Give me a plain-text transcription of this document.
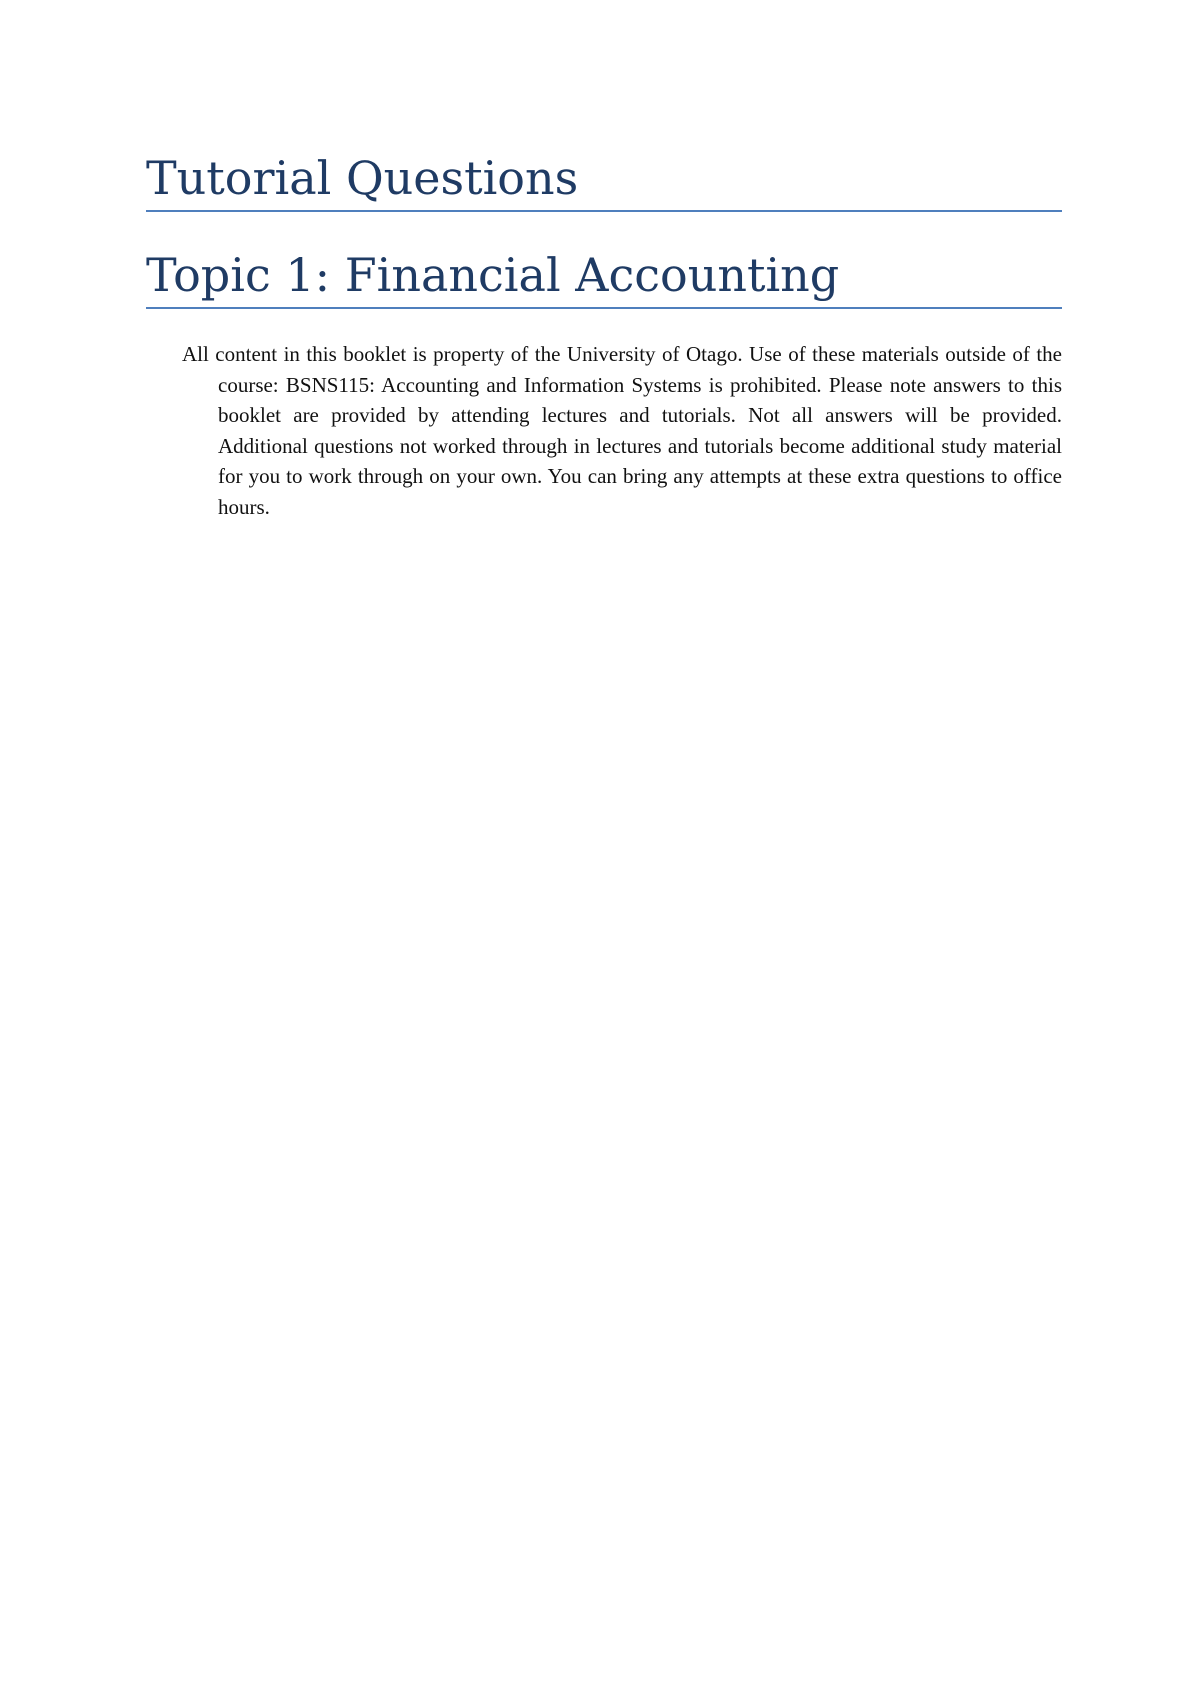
Tutorial Questions
Topic 1: Financial Accounting

All content in this booklet is property of the University of Otago. Use of these materials outside of the course: BSNS115: Accounting and Information Systems is prohibited. Please note answers to this booklet are provided by attending lectures and tutorials. Not all answers will be provided. Additional questions not worked through in lectures and tutorials become additional study material for you to work through on your own. You can bring any attempts at these extra questions to office hours.
